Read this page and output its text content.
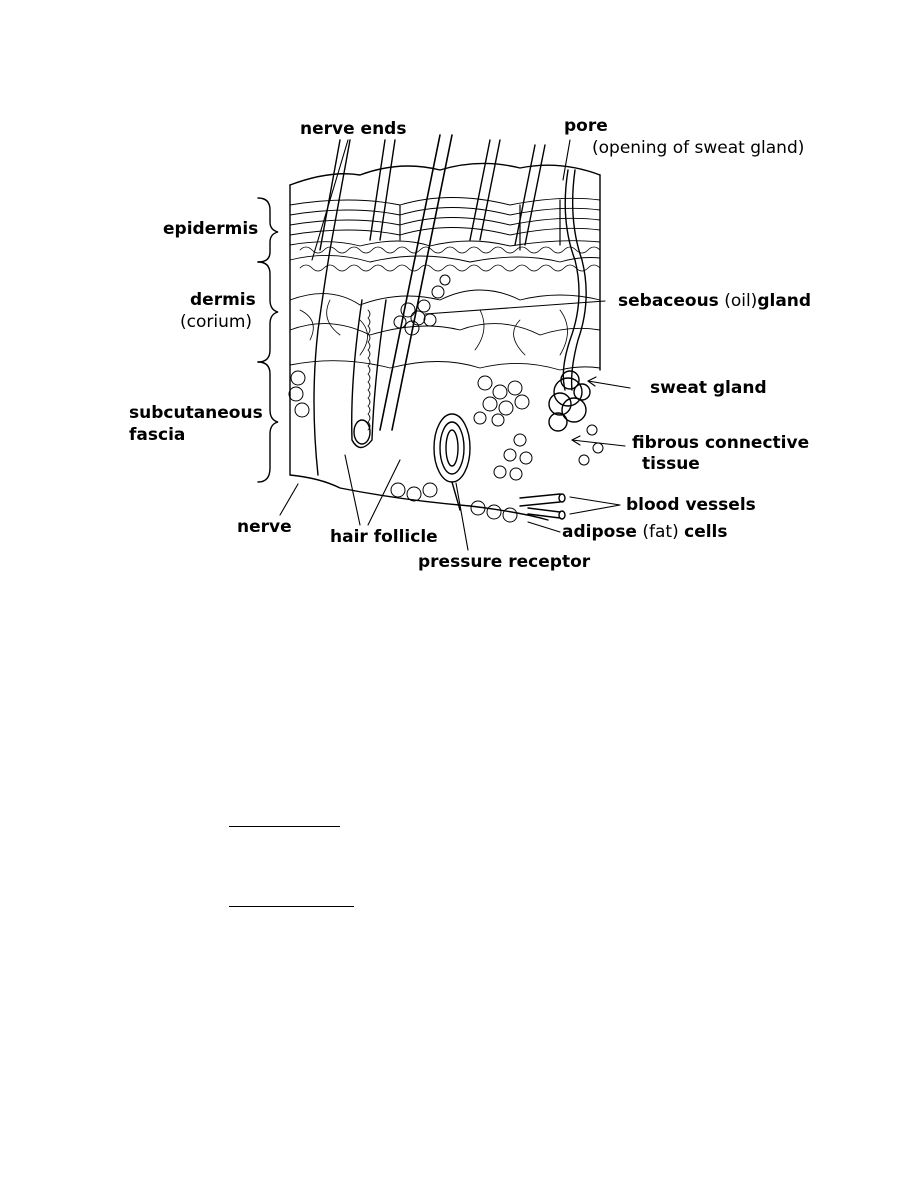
nerve ends	pore
(opening of sweat gland)
epidermis
dermis
(corium)
subcutaneous
fascia
sebaceous (oil)gland
sweat gland
fibrous connective
tissue
blood vessels
adipose (fat) cells
nerve hair follicle
pressure receptor
